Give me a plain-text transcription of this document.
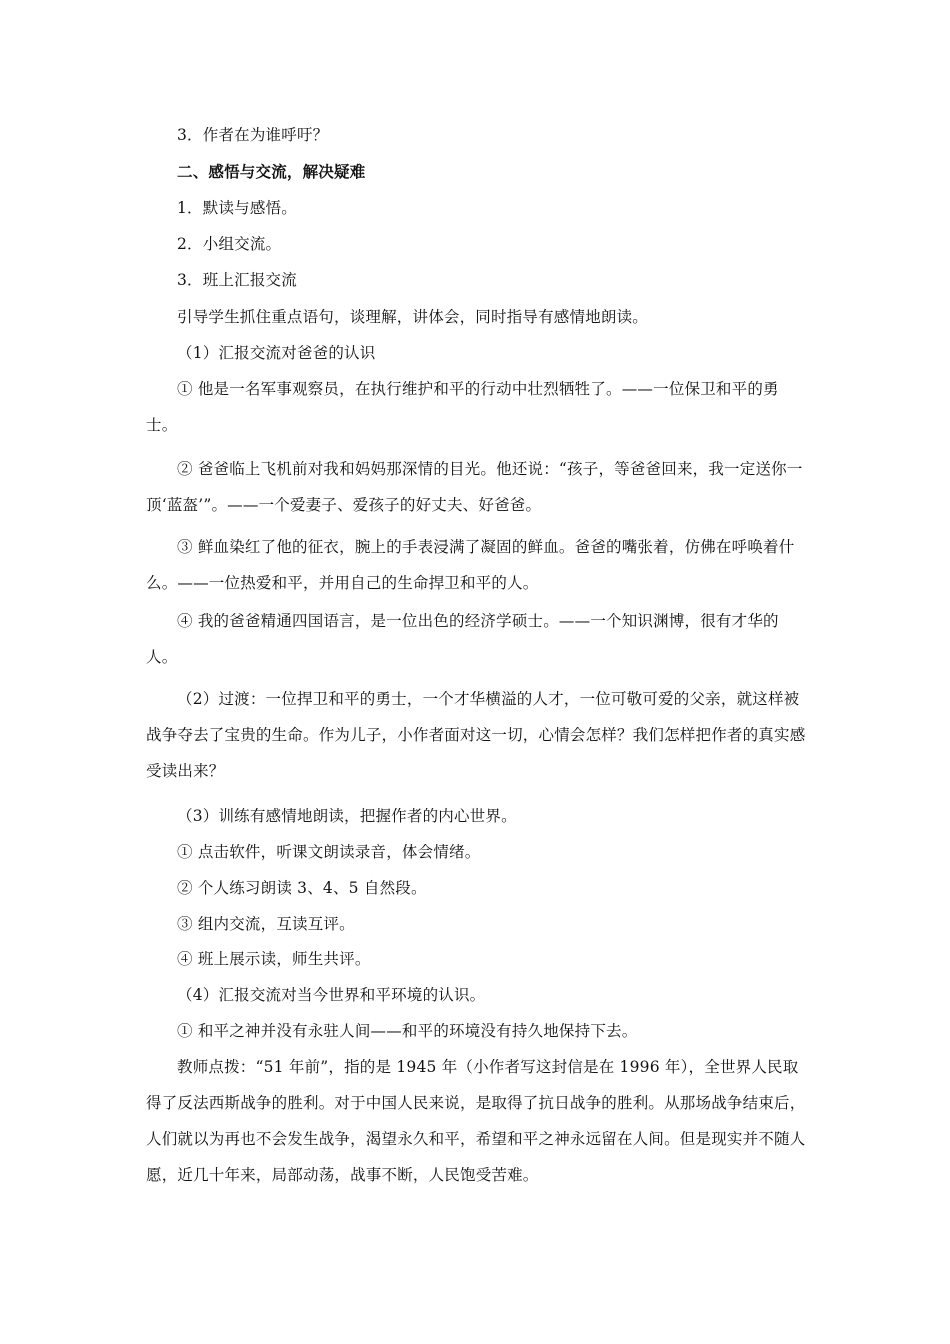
3．作者在为谁呼吁？

二、感悟与交流，解决疑难

1．默读与感悟。

2．小组交流。

3．班上汇报交流

引导学生抓住重点语句，谈理解，讲体会，同时指导有感情地朗读。

（1）汇报交流对爸爸的认识

① 他是一名军事观察员，在执行维护和平的行动中壮烈牺牲了。——一位保卫和平的勇士。

② 爸爸临上飞机前对我和妈妈那深情的目光。他还说：“孩子，等爸爸回来，我一定送你一顶‘蓝盔’”。——一个爱妻子、爱孩子的好丈夫、好爸爸。

③ 鲜血染红了他的征衣，腕上的手表浸满了凝固的鲜血。爸爸的嘴张着，仿佛在呼唤着什么。——一位热爱和平，并用自己的生命捍卫和平的人。

④ 我的爸爸精通四国语言，是一位出色的经济学硕士。——一个知识渊博，很有才华的人。

（2）过渡：一位捍卫和平的勇士，一个才华横溢的人才，一位可敬可爱的父亲，就这样被战争夺去了宝贵的生命。作为儿子，小作者面对这一切，心情会怎样？我们怎样把作者的真实感受读出来？

（3）训练有感情地朗读，把握作者的内心世界。

① 点击软件，听课文朗读录音，体会情绪。

② 个人练习朗读 3、4、5 自然段。

③ 组内交流，互读互评。

④ 班上展示读，师生共评。

（4）汇报交流对当今世界和平环境的认识。

① 和平之神并没有永驻人间——和平的环境没有持久地保持下去。

教师点拨：“51 年前”，指的是 1945 年（小作者写这封信是在 1996 年），全世界人民取得了反法西斯战争的胜利。对于中国人民来说，是取得了抗日战争的胜利。从那场战争结束后，人们就以为再也不会发生战争，渴望永久和平，希望和平之神永远留在人间。但是现实并不随人愿，近几十年来，局部动荡，战事不断，人民饱受苦难。
